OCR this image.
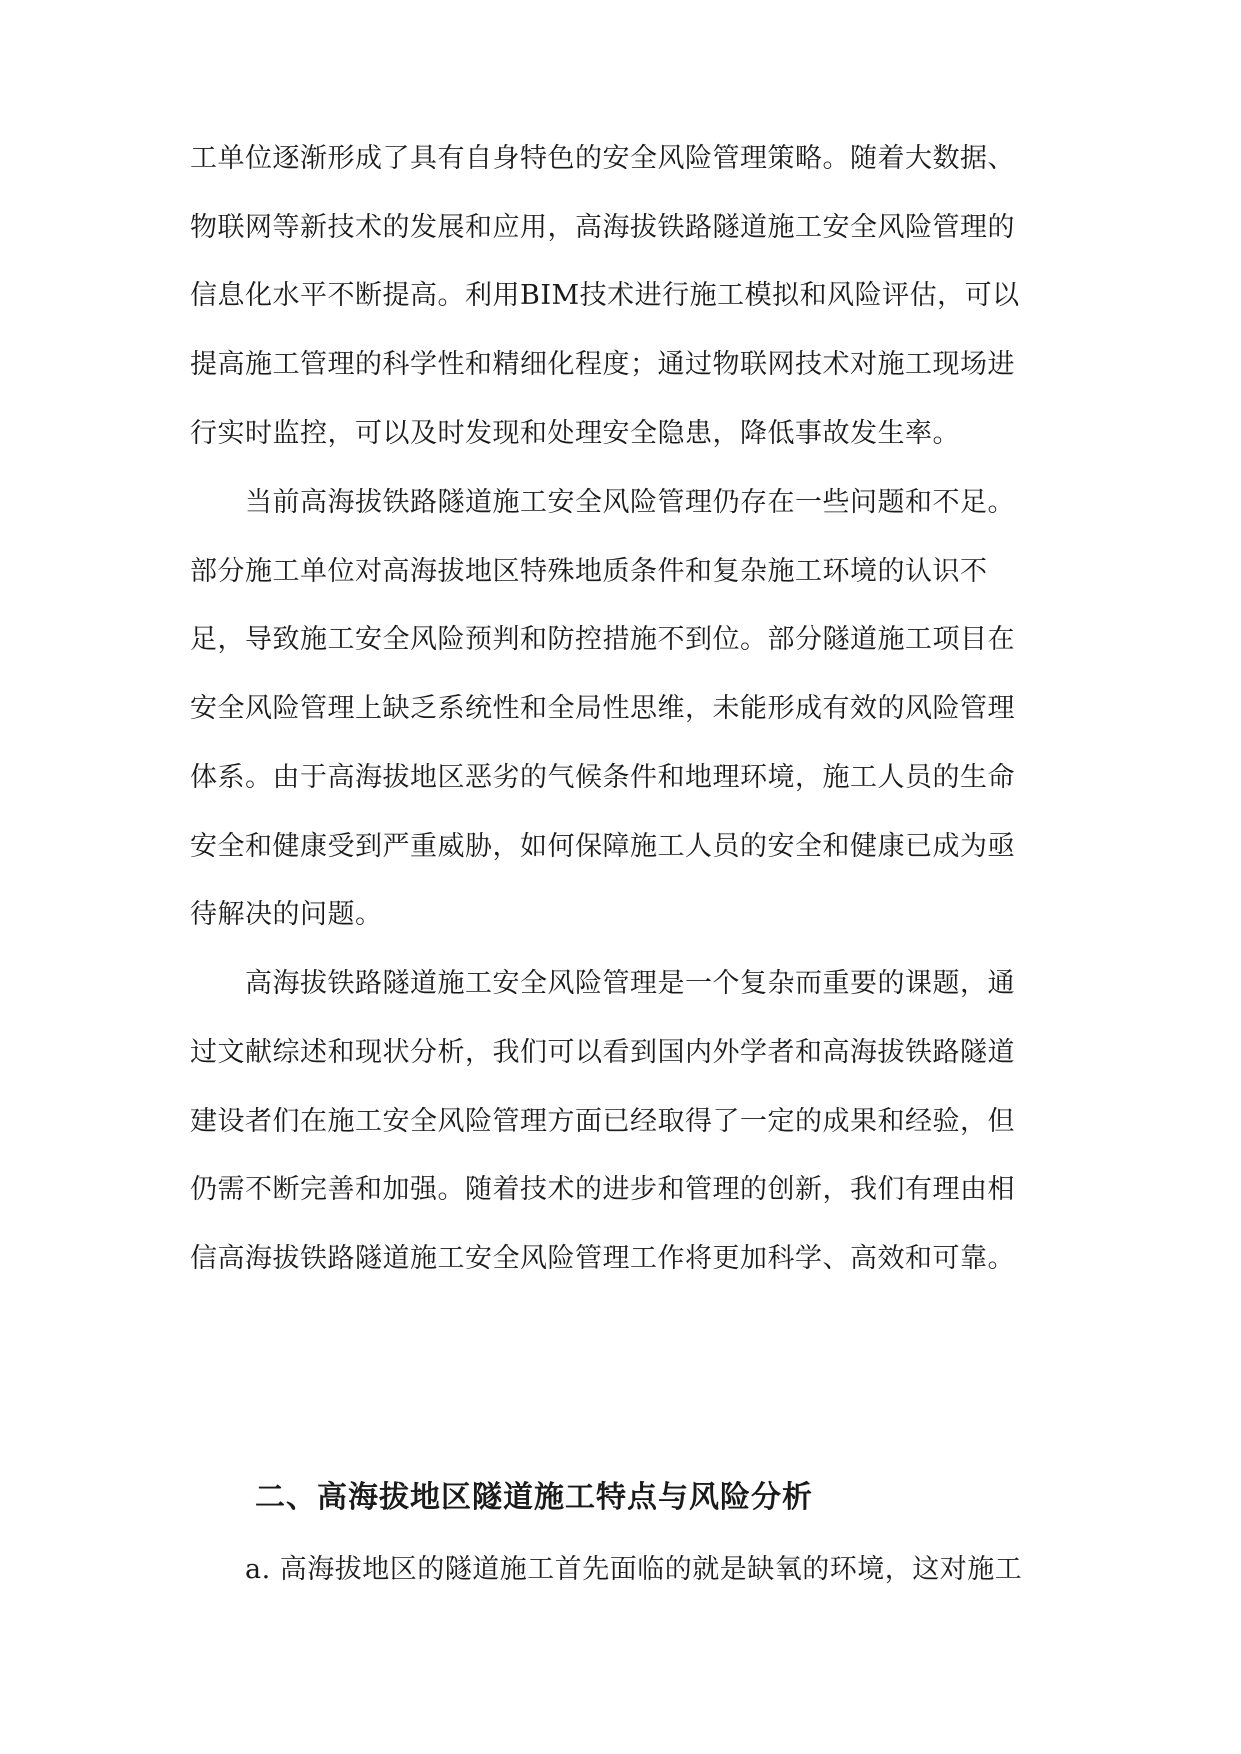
工单位逐渐形成了具有自身特色的安全风险管理策略。随着大数据、
物联网等新技术的发展和应用，高海拔铁路隧道施工安全风险管理的
信息化水平不断提高。利用BIM技术进行施工模拟和风险评估，可以
提高施工管理的科学性和精细化程度；通过物联网技术对施工现场进
行实时监控，可以及时发现和处理安全隐患，降低事故发生率。
当前高海拔铁路隧道施工安全风险管理仍存在一些问题和不足。
部分施工单位对高海拔地区特殊地质条件和复杂施工环境的认识不
足，导致施工安全风险预判和防控措施不到位。部分隧道施工项目在
安全风险管理上缺乏系统性和全局性思维，未能形成有效的风险管理
体系。由于高海拔地区恶劣的气候条件和地理环境，施工人员的生命
安全和健康受到严重威胁，如何保障施工人员的安全和健康已成为亟
待解决的问题。
高海拔铁路隧道施工安全风险管理是一个复杂而重要的课题，通
过文献综述和现状分析，我们可以看到国内外学者和高海拔铁路隧道
建设者们在施工安全风险管理方面已经取得了一定的成果和经验，但
仍需不断完善和加强。随着技术的进步和管理的创新，我们有理由相
信高海拔铁路隧道施工安全风险管理工作将更加科学、高效和可靠。
二、高海拔地区隧道施工特点与风险分析
a. 高海拔地区的隧道施工首先面临的就是缺氧的环境，这对施工
